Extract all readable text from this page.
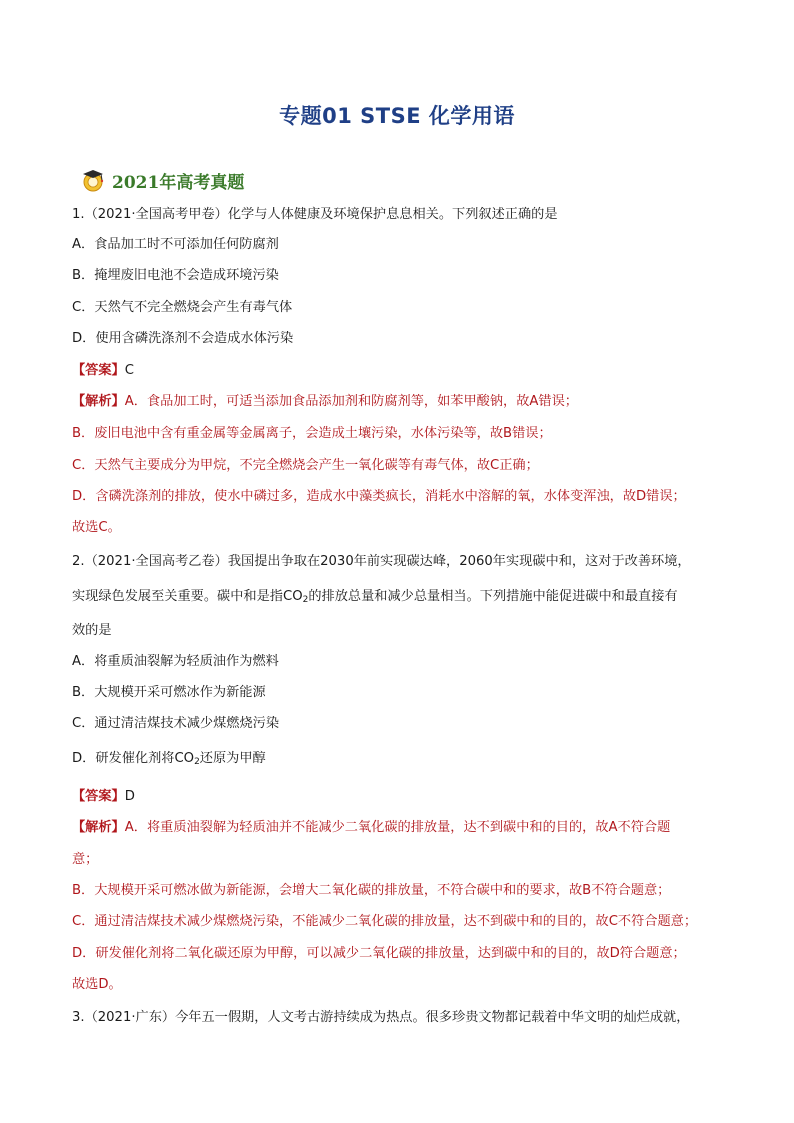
专题01 STSE 化学用语
2021年高考真题
1.（2021·全国高考甲卷）化学与人体健康及环境保护息息相关。下列叙述正确的是
A．食品加工时不可添加任何防腐剂
B．掩埋废旧电池不会造成环境污染
C．天然气不完全燃烧会产生有毒气体
D．使用含磷洗涤剂不会造成水体污染
【答案】C
【解析】A．食品加工时，可适当添加食品添加剂和防腐剂等，如苯甲酸钠，故A错误；
B．废旧电池中含有重金属等金属离子，会造成土壤污染，水体污染等，故B错误；
C．天然气主要成分为甲烷，不完全燃烧会产生一氧化碳等有毒气体，故C正确；
D．含磷洗涤剂的排放，使水中磷过多，造成水中藻类疯长，消耗水中溶解的氧，水体变浑浊，故D错误；
故选C。
2.（2021·全国高考乙卷）我国提出争取在2030年前实现碳达峰，2060年实现碳中和，这对于改善环境，
实现绿色发展至关重要。碳中和是指$CO_2$的排放总量和减少总量相当。下列措施中能促进碳中和最直接有
效的是
A．将重质油裂解为轻质油作为燃料
B．大规模开采可燃冰作为新能源
C．通过清洁煤技术减少煤燃烧污染
D．研发催化剂将$CO_2$还原为甲醇
【答案】D
【解析】A．将重质油裂解为轻质油并不能减少二氧化碳的排放量，达不到碳中和的目的，故A不符合题
意；
B．大规模开采可燃冰做为新能源，会增大二氧化碳的排放量，不符合碳中和的要求，故B不符合题意；
C．通过清洁煤技术减少煤燃烧污染，不能减少二氧化碳的排放量，达不到碳中和的目的，故C不符合题意；
D．研发催化剂将二氧化碳还原为甲醇，可以减少二氧化碳的排放量，达到碳中和的目的，故D符合题意；
故选D。
3.（2021·广东）今年五一假期，人文考古游持续成为热点。很多珍贵文物都记载着中华文明的灿烂成就，
